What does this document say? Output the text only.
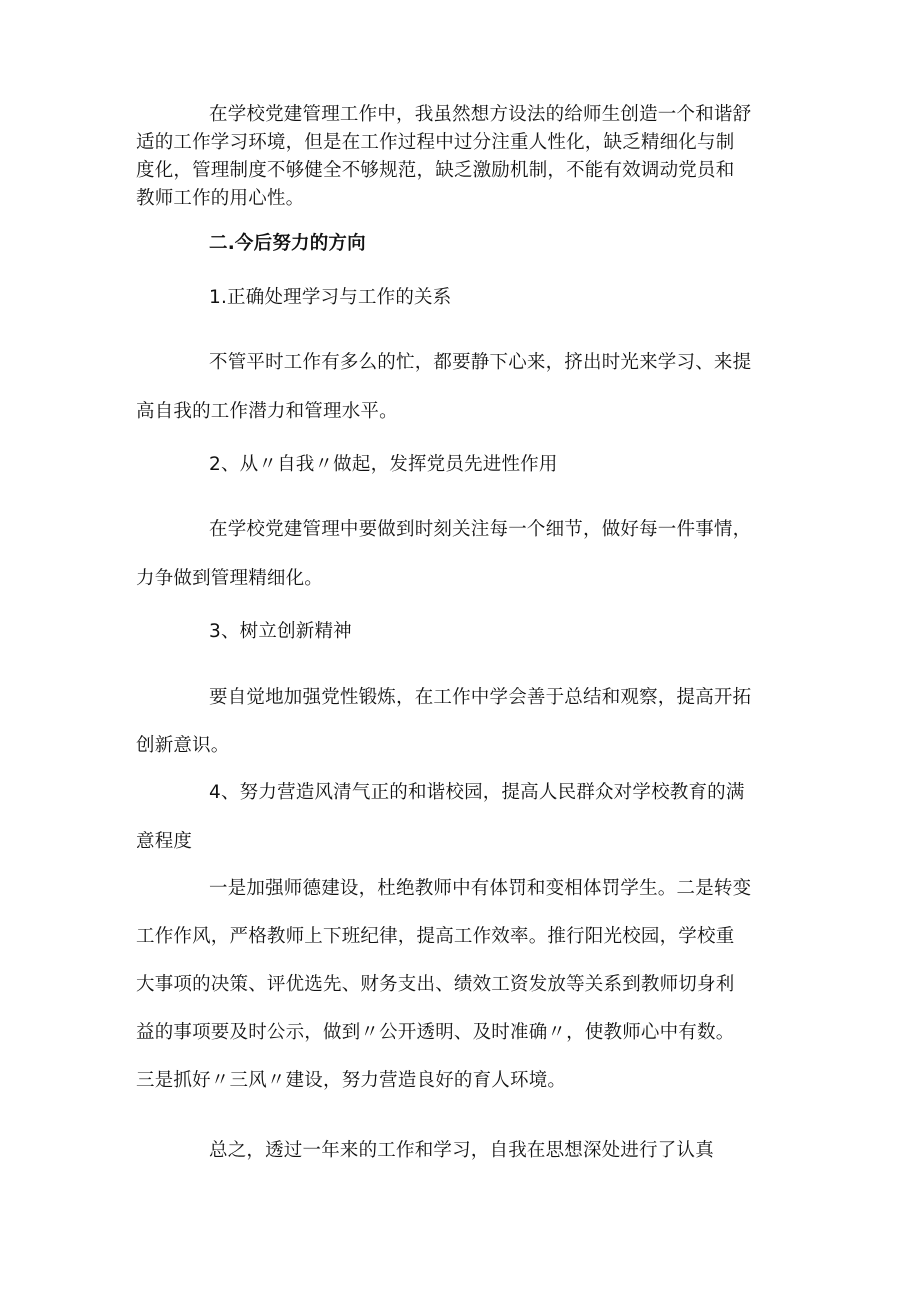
在学校党建管理工作中，我虽然想方设法的给师生创造一个和谐舒

适的工作学习环境，但是在工作过程中过分注重人性化，缺乏精细化与制

度化，管理制度不够健全不够规范，缺乏激励机制，不能有效调动党员和

教师工作的用心性。

二.今后努力的方向

1.正确处理学习与工作的关系

不管平时工作有多么的忙，都要静下心来，挤出时光来学习、来提

高自我的工作潜力和管理水平。

2、从〃自我〃做起，发挥党员先进性作用

在学校党建管理中要做到时刻关注每一个细节，做好每一件事情，

力争做到管理精细化。

3、树立创新精神

要自觉地加强党性锻炼，在工作中学会善于总结和观察，提高开拓

创新意识。

4、努力营造风清气正的和谐校园，提高人民群众对学校教育的满

意程度

一是加强师德建设，杜绝教师中有体罚和变相体罚学生。二是转变

工作作风，严格教师上下班纪律，提高工作效率。推行阳光校园，学校重

大事项的决策、评优选先、财务支出、绩效工资发放等关系到教师切身利

益的事项要及时公示，做到〃公开透明、及时准确〃，使教师心中有数。

三是抓好〃三风〃建设，努力营造良好的育人环境。

总之，透过一年来的工作和学习，自我在思想深处进行了认真
